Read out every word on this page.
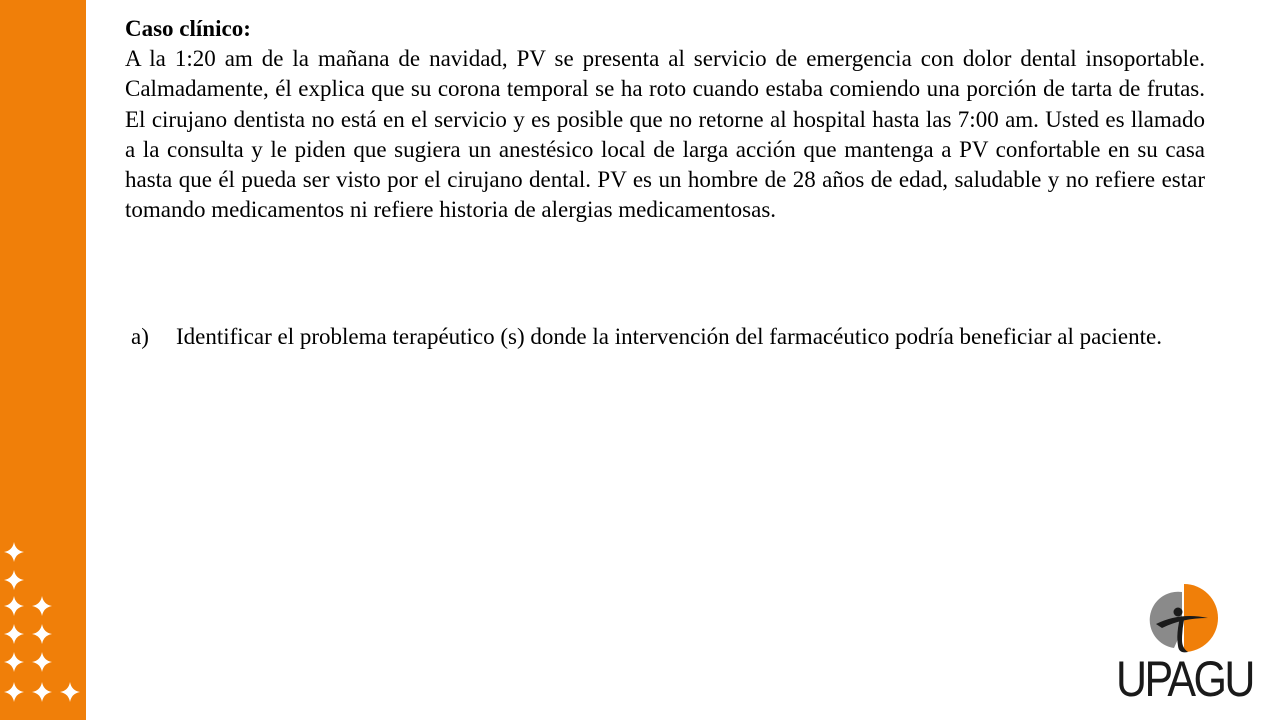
Caso clínico:

A la 1:20 am de la mañana de navidad, PV se presenta al servicio de emergencia con dolor dental insoportable. Calmadamente, él explica que su corona temporal se ha roto cuando estaba comiendo una porción de tarta de frutas. El cirujano dentista no está en el servicio y es posible que no retorne al hospital hasta las 7:00 am. Usted es llamado a la consulta y le piden que sugiera un anestésico local de larga acción que mantenga a PV confortable en su casa hasta que él pueda ser visto por el cirujano dental. PV es un hombre de 28 años de edad, saludable y no refiere estar tomando medicamentos ni refiere historia de alergias medicamentosas.

a)	Identificar el problema terapéutico (s) donde la intervención del farmacéutico podría beneficiar al paciente.
UPAGU
